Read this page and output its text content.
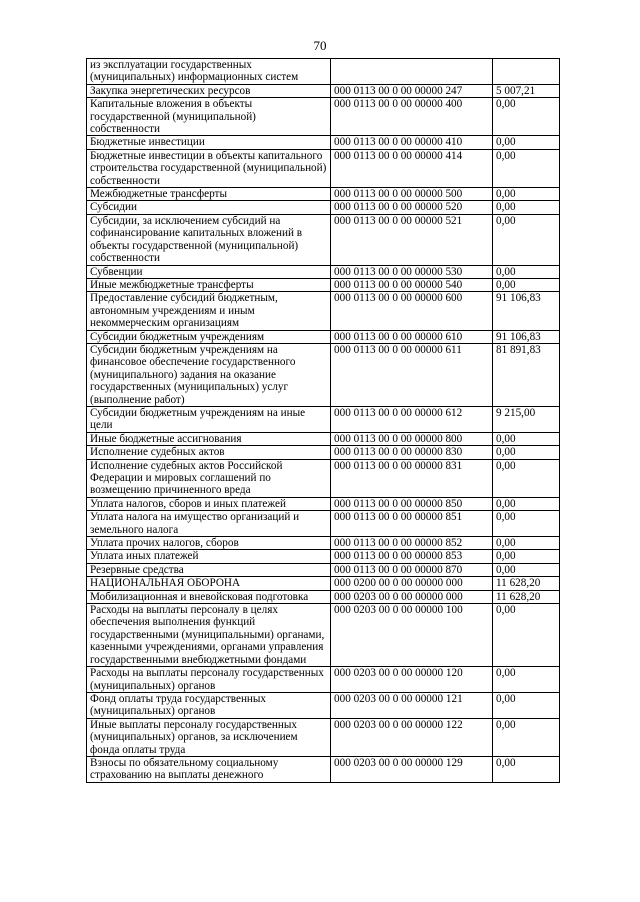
70
из эксплуатации государственных (муниципальных) информационных систем		
Закупка энергетических ресурсов	000 0113 00 0 00 00000 247	5 007,21
Капитальные вложения в объекты государственной (муниципальной) собственности	000 0113 00 0 00 00000 400	0,00
Бюджетные инвестиции	000 0113 00 0 00 00000 410	0,00
Бюджетные инвестиции в объекты капитального строительства государственной (муниципальной) собственности	000 0113 00 0 00 00000 414	0,00
Межбюджетные трансферты	000 0113 00 0 00 00000 500	0,00
Субсидии	000 0113 00 0 00 00000 520	0,00
Субсидии, за исключением субсидий на софинансирование капитальных вложений в объекты государственной (муниципальной) собственности	000 0113 00 0 00 00000 521	0,00
Субвенции	000 0113 00 0 00 00000 530	0,00
Иные межбюджетные трансферты	000 0113 00 0 00 00000 540	0,00
Предоставление субсидий бюджетным, автономным учреждениям и иным некоммерческим организациям	000 0113 00 0 00 00000 600	91 106,83
Субсидии бюджетным учреждениям	000 0113 00 0 00 00000 610	91 106,83
Субсидии бюджетным учреждениям на финансовое обеспечение государственного (муниципального) задания на оказание государственных (муниципальных) услуг (выполнение работ)	000 0113 00 0 00 00000 611	81 891,83
Субсидии бюджетным учреждениям на иные цели	000 0113 00 0 00 00000 612	9 215,00
Иные бюджетные ассигнования	000 0113 00 0 00 00000 800	0,00
Исполнение судебных актов	000 0113 00 0 00 00000 830	0,00
Исполнение судебных актов Российской Федерации и мировых соглашений по возмещению причиненного вреда	000 0113 00 0 00 00000 831	0,00
Уплата налогов, сборов и иных платежей	000 0113 00 0 00 00000 850	0,00
Уплата налога на имущество организаций и земельного налога	000 0113 00 0 00 00000 851	0,00
Уплата прочих налогов, сборов	000 0113 00 0 00 00000 852	0,00
Уплата иных платежей	000 0113 00 0 00 00000 853	0,00
Резервные средства	000 0113 00 0 00 00000 870	0,00
НАЦИОНАЛЬНАЯ ОБОРОНА	000 0200 00 0 00 00000 000	11 628,20
Мобилизационная и вневойсковая подготовка	000 0203 00 0 00 00000 000	11 628,20
Расходы на выплаты персоналу в целях обеспечения выполнения функций государственными (муниципальными) органами, казенными учреждениями, органами управления государственными внебюджетными фондами	000 0203 00 0 00 00000 100	0,00
Расходы на выплаты персоналу государственных (муниципальных) органов	000 0203 00 0 00 00000 120	0,00
Фонд оплаты труда государственных (муниципальных) органов	000 0203 00 0 00 00000 121	0,00
Иные выплаты персоналу государственных (муниципальных) органов, за исключением фонда оплаты труда	000 0203 00 0 00 00000 122	0,00
Взносы по обязательному социальному страхованию на выплаты денежного	000 0203 00 0 00 00000 129	0,00
